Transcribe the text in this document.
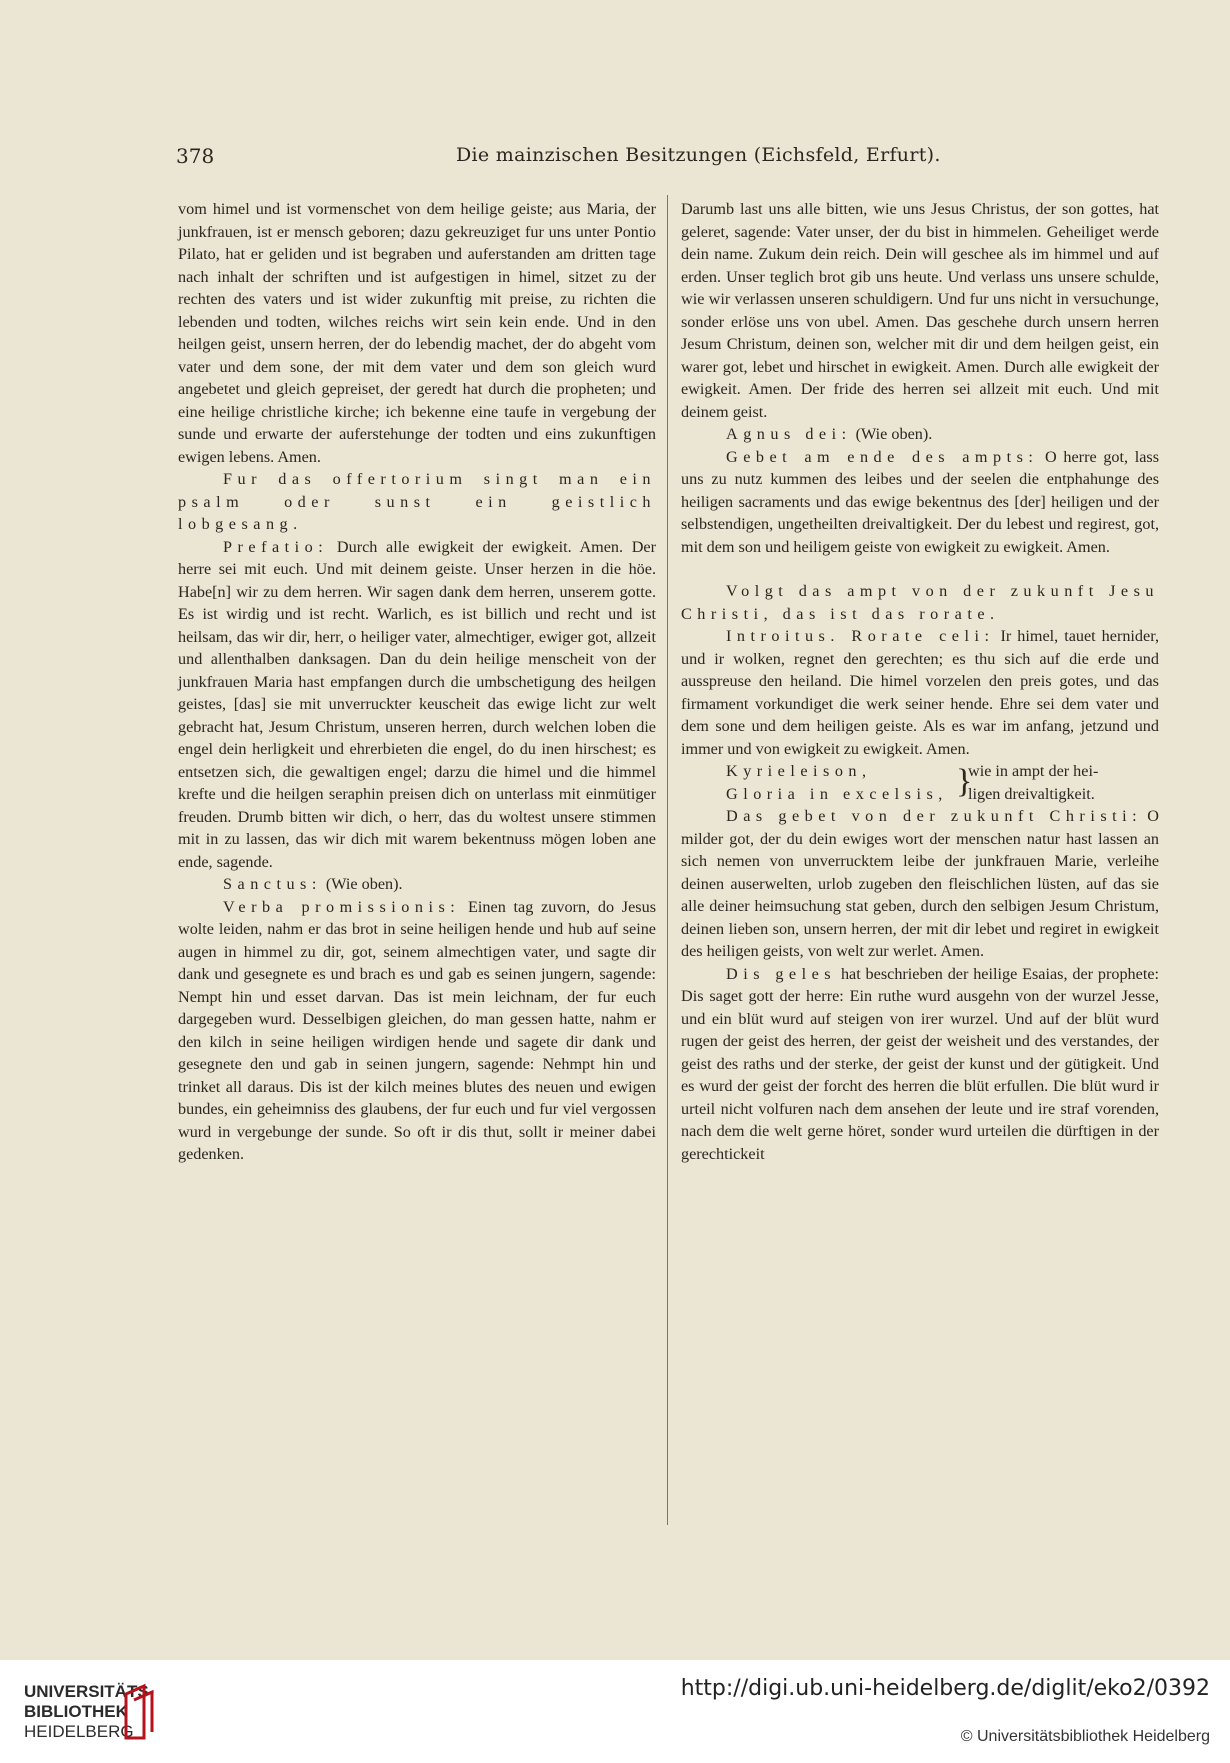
378	Die mainzischen Besitzungen (Eichsfeld, Erfurt).

vom himel und ist vormenschet von dem heilige geiste; aus Maria, der junkfrauen, ist er mensch geboren; dazu gekreuziget fur uns unter Pontio Pilato, hat er geliden und ist begraben und auferstanden am dritten tage nach inhalt der schriften und ist aufgestigen in himel, sitzet zu der rechten des vaters und ist wider zukunftig mit preise, zu richten die lebenden und todten, wilches reichs wirt sein kein ende. Und in den heilgen geist, unsern herren, der do lebendig machet, der do abgeht vom vater und dem sone, der mit dem vater und dem son gleich wurd angebetet und gleich gepreiset, der geredt hat durch die propheten; und eine heilige christliche kirche; ich bekenne eine taufe in vergebung der sunde und erwarte der auferstehunge der todten und eins zukunftigen ewigen lebens. Amen.

Fur das offertorium singt man ein psalm oder sunst ein geistlich lobgesang.

Prefatio: Durch alle ewigkeit der ewigkeit. Amen. Der herre sei mit euch. Und mit deinem geiste. Unser herzen in die höe. Habe[n] wir zu dem herren. Wir sagen dank dem herren, unserem gotte. Es ist wirdig und ist recht. Warlich, es ist billich und recht und ist heilsam, das wir dir, herr, o heiliger vater, almechtiger, ewiger got, allzeit und allenthalben danksagen. Dan du dein heilige menscheit von der junkfrauen Maria hast empfangen durch die umbschetigung des heilgen geistes, [das] sie mit unverruckter keuscheit das ewige licht zur welt gebracht hat, Jesum Christum, unseren herren, durch welchen loben die engel dein herligkeit und ehrerbieten die engel, do du inen hirschest; es entsetzen sich, die gewaltigen engel; darzu die himel und die himmel krefte und die heilgen seraphin preisen dich on unterlass mit einmütiger freuden. Drumb bitten wir dich, o herr, das du woltest unsere stimmen mit in zu lassen, das wir dich mit warem bekentnuss mögen loben ane ende, sagende.

Sanctus: (Wie oben).

Verba promissionis: Einen tag zuvorn, do Jesus wolte leiden, nahm er das brot in seine heiligen hende und hub auf seine augen in himmel zu dir, got, seinem almechtigen vater, und sagte dir dank und gesegnete es und brach es und gab es seinen jungern, sagende: Nempt hin und esset darvan. Das ist mein leichnam, der fur euch dargegeben wurd. Desselbigen gleichen, do man gessen hatte, nahm er den kilch in seine heiligen wirdigen hende und sagete dir dank und gesegnete den und gab in seinen jungern, sagende: Nehmpt hin und trinket all daraus. Dis ist der kilch meines blutes des neuen und ewigen bundes, ein geheimniss des glaubens, der fur euch und fur viel vergossen wurd in vergebunge der sunde. So oft ir dis thut, sollt ir meiner dabei gedenken.

Darumb last uns alle bitten, wie uns Jesus Christus, der son gottes, hat geleret, sagende: Vater unser, der du bist in himmelen. Geheiliget werde dein name. Zukum dein reich. Dein will geschee als im himmel und auf erden. Unser teglich brot gib uns heute. Und verlass uns unsere schulde, wie wir verlassen unseren schuldigern. Und fur uns nicht in versuchunge, sonder erlöse uns von ubel. Amen. Das geschehe durch unsern herren Jesum Christum, deinen son, welcher mit dir und dem heilgen geist, ein warer got, lebet und hirschet in ewigkeit. Amen. Durch alle ewigkeit der ewigkeit. Amen. Der fride des herren sei allzeit mit euch. Und mit deinem geist.

Agnus dei: (Wie oben).

Gebet am ende des ampts: O herre got, lass uns zu nutz kummen des leibes und der seelen die entphahunge des heiligen sacraments und das ewige bekentnus des [der] heiligen und der selbstendigen, ungetheilten dreivaltigkeit. Der du lebest und regirest, got, mit dem son und heiligem geiste von ewigkeit zu ewigkeit. Amen.

Volgt das ampt von der zukunft Jesu Christi, das ist das rorate.

Introitus. Rorate celi: Ir himel, tauet hernider, und ir wolken, regnet den gerechten; es thu sich auf die erde und ausspreuse den heiland. Die himel vorzelen den preis gotes, und das firmament vorkundiget die werk seiner hende. Ehre sei dem vater und dem sone und dem heiligen geiste. Als es war im anfang, jetzund und immer und von ewigkeit zu ewigkeit. Amen.

Kyrieleison,
Gloria in excelsis, }
wie in ampt der hei-
ligen dreivaltigkeit.

Das gebet von der zukunft Christi: O milder got, der du dein ewiges wort der menschen natur hast lassen an sich nemen von unverrucktem leibe der junkfrauen Marie, verleihe deinen auserwelten, urlob zugeben den fleischlichen lüsten, auf das sie alle deiner heimsuchung stat geben, durch den selbigen Jesum Christum, deinen lieben son, unsern herren, der mit dir lebet und regiret in ewigkeit des heiligen geists, von welt zur werlet. Amen.

Dis geles hat beschrieben der heilige Esaias, der prophete: Dis saget gott der herre: Ein ruthe wurd ausgehn von der wurzel Jesse, und ein blüt wurd auf steigen von irer wurzel. Und auf der blüt wurd rugen der geist des herren, der geist der weisheit und des verstandes, der geist des raths und der sterke, der geist der kunst und der gütigkeit. Und es wurd der geist der forcht des herren die blüt erfullen. Die blüt wurd ir urteil nicht volfuren nach dem ansehen der leute und ire straf vorenden, nach dem die welt gerne höret, sonder wurd urteilen die dürftigen in der gerechtickeit

UNIVERSITÄTS-
BIBLIOTHEK
HEIDELBERG
http://digi.ub.uni-heidelberg.de/diglit/eko2/0392
© Universitätsbibliothek Heidelberg
